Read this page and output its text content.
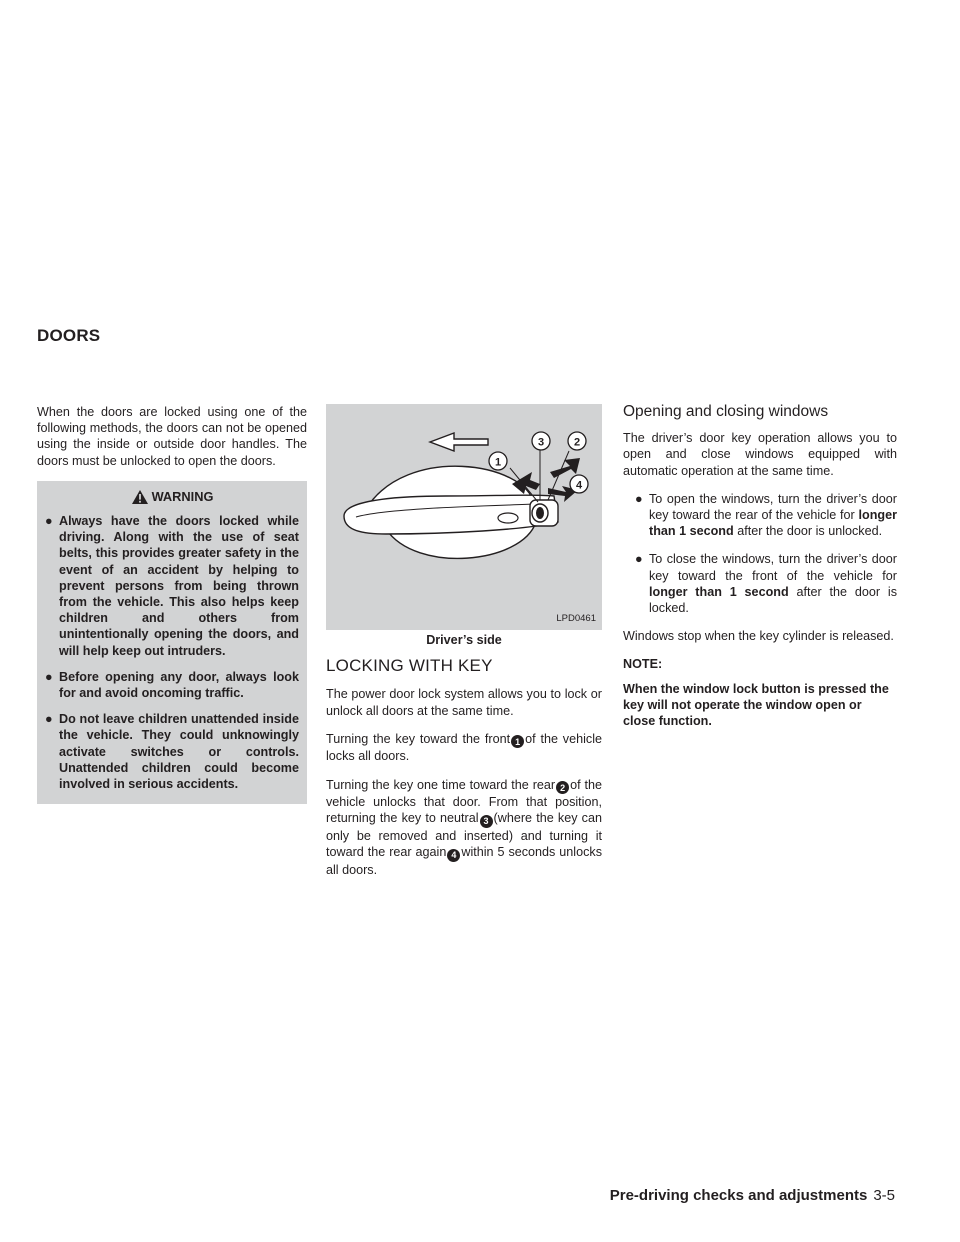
DOORS

When the doors are locked using one of the following methods, the doors can not be opened using the inside or outside door handles. The doors must be unlocked to open the doors.

WARNING
● Always have the doors locked while driving. Along with the use of seat belts, this provides greater safety in the event of an accident by helping to prevent persons from being thrown from the vehicle. This also helps keep children and others from unintentionally opening the doors, and will help keep out intruders.
● Before opening any door, always look for and avoid oncoming traffic.
● Do not leave children unattended inside the vehicle. They could unknowingly activate switches or controls. Unattended children could become involved in serious accidents.
1
2
3
4
LPD0461
Driver’s side
LOCKING WITH KEY

The power door lock system allows you to lock or unlock all doors at the same time.

Turning the key toward the front 1 of the vehicle locks all doors.

Turning the key one time toward the rear 2 of the vehicle unlocks that door. From that position, returning the key to neutral 3 (where the key can only be removed and inserted) and turning it toward the rear again 4 within 5 seconds unlocks all doors.

Opening and closing windows

The driver’s door key operation allows you to open and close windows equipped with automatic operation at the same time.

● To open the windows, turn the driver’s door key toward the rear of the vehicle for longer than 1 second after the door is unlocked.
● To close the windows, turn the driver’s door key toward the front of the vehicle for longer than 1 second after the door is locked.

Windows stop when the key cylinder is released.

NOTE:

When the window lock button is pressed the key will not operate the window open or close function.

Pre-driving checks and adjustments 3-5
